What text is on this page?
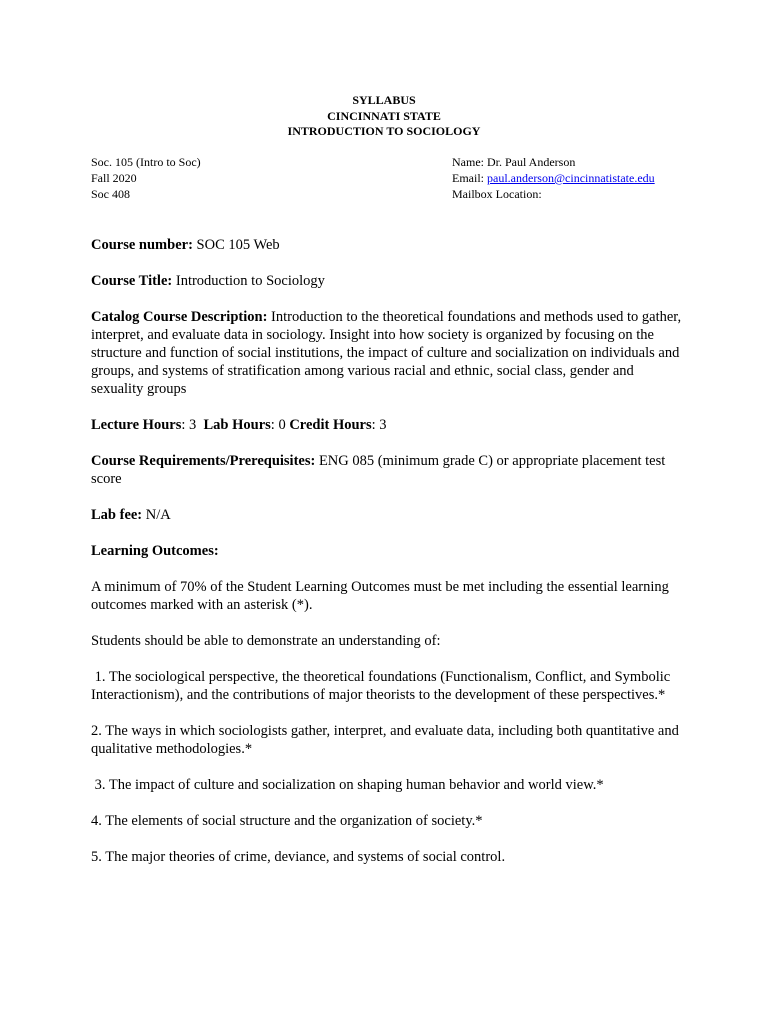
SYLLABUS
CINCINNATI STATE
INTRODUCTION TO SOCIOLOGY
Soc. 105 (Intro to Soc)
Fall 2020
Soc 408
Name: Dr. Paul Anderson
Email: paul.anderson@cincinnatistate.edu
Mailbox Location:

Course number: SOC 105 Web

Course Title: Introduction to Sociology

Catalog Course Description: Introduction to the theoretical foundations and methods used to gather, interpret, and evaluate data in sociology. Insight into how society is organized by focusing on the structure and function of social institutions, the impact of culture and socialization on individuals and groups, and systems of stratification among various racial and ethnic, social class, gender and sexuality groups

Lecture Hours: 3 Lab Hours: 0 Credit Hours: 3

Course Requirements/Prerequisites: ENG 085 (minimum grade C) or appropriate placement test score

Lab fee: N/A

Learning Outcomes:

A minimum of 70% of the Student Learning Outcomes must be met including the essential learning outcomes marked with an asterisk (*).

Students should be able to demonstrate an understanding of:

1. The sociological perspective, the theoretical foundations (Functionalism, Conflict, and Symbolic Interactionism), and the contributions of major theorists to the development of these perspectives.*

2. The ways in which sociologists gather, interpret, and evaluate data, including both quantitative and qualitative methodologies.*

3. The impact of culture and socialization on shaping human behavior and world view.*

4. The elements of social structure and the organization of society.*

5. The major theories of crime, deviance, and systems of social control.
